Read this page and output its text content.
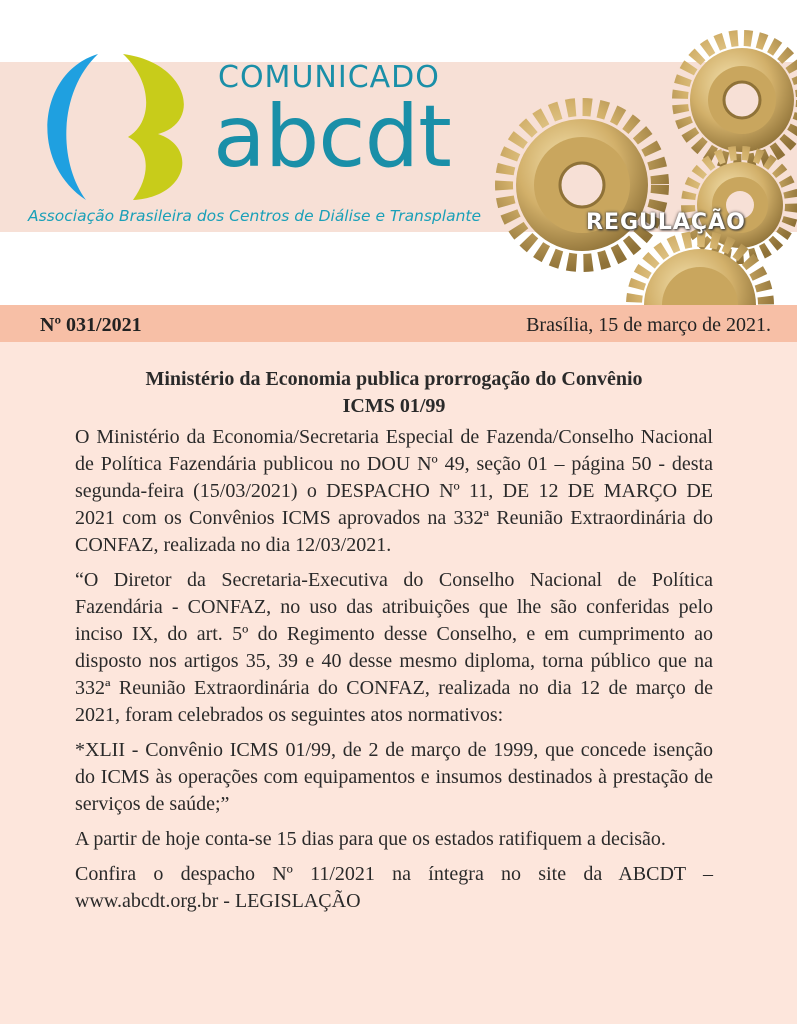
COMUNICADO
abcdt
Associação Brasileira dos Centros de Diálise e Transplante	REGULAÇÃO
Nº 031/2021	Brasília, 15 de março de 2021.
Ministério da Economia publica prorrogação do Convênio
ICMS 01/99

O Ministério da Economia/Secretaria Especial de Fazenda/Conselho Nacional de Política Fazendária publicou no DOU Nº 49, seção 01 – página 50 - desta segunda-feira (15/03/2021) o DESPACHO Nº 11, DE 12 DE MARÇO DE 2021 com os Convênios ICMS aprovados na 332ª Reunião Extraordinária do CONFAZ, realizada no dia 12/03/2021.

“O Diretor da Secretaria-Executiva do Conselho Nacional de Política Fazendária - CONFAZ, no uso das atribuições que lhe são conferidas pelo inciso IX, do art. 5º do Regimento desse Conselho, e em cumprimento ao disposto nos artigos 35, 39 e 40 desse mesmo diploma, torna público que na 332ª Reunião Extraordinária do CONFAZ, realizada no dia 12 de março de 2021, foram celebrados os seguintes atos normativos:

*XLII - Convênio ICMS 01/99, de 2 de março de 1999, que concede isenção do ICMS às operações com equipamentos e insumos destinados à prestação de serviços de saúde;”

A partir de hoje conta-se 15 dias para que os estados ratifiquem a decisão.

Confira o despacho Nº 11/2021 na íntegra no site da ABCDT – www.abcdt.org.br - LEGISLAÇÃO
